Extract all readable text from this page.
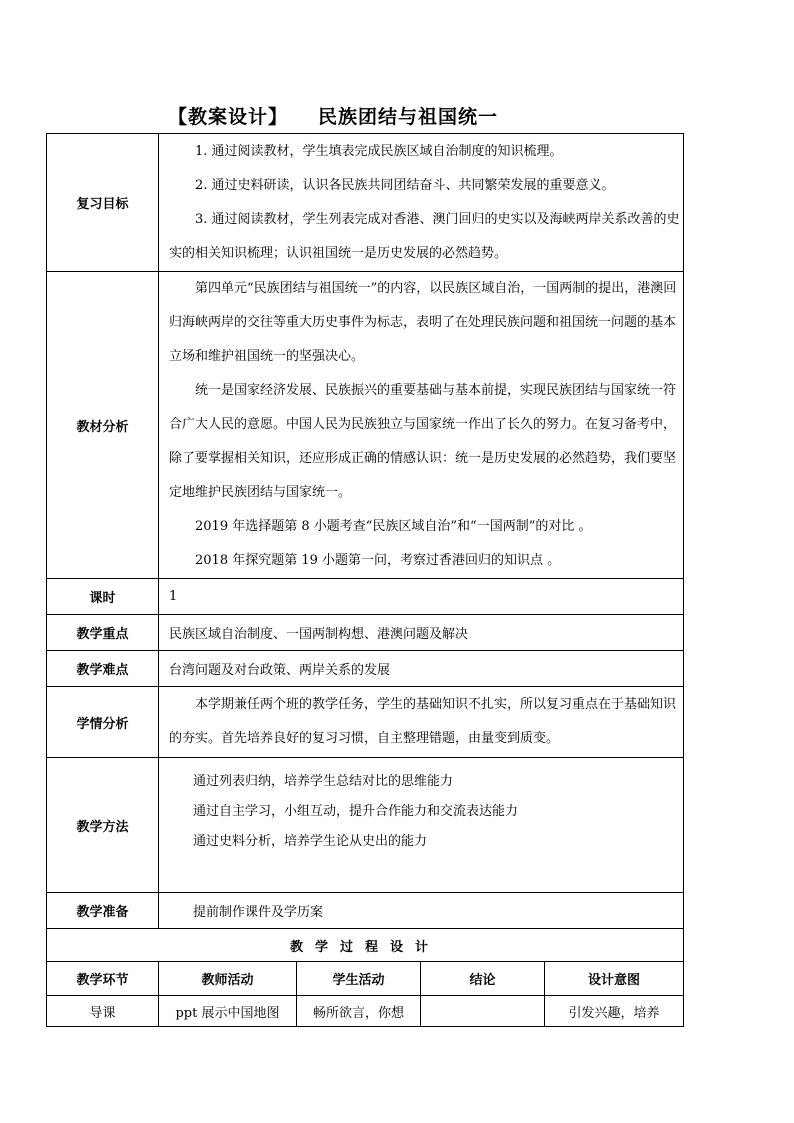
【教案设计】 民族团结与祖国统一
复习目标	1. 通过阅读教材，学生填表完成民族区域自治制度的知识梳理。
2. 通过史料研读，认识各民族共同团结奋斗、共同繁荣发展的重要意义。
3. 通过阅读教材，学生列表完成对香港、澳门回归的史实以及海峡两岸关系改善的史实的相关知识梳理；认识祖国统一是历史发展的必然趋势。			

教材分析	第四单元“民族团结与祖国统一”的内容，以民族区域自治，一国两制的提出，港澳回归海峡两岸的交往等重大历史事件为标志，表明了在处理民族问题和祖国统一问题的基本立场和维护祖国统一的坚强决心。
统一是国家经济发展、民族振兴的重要基础与基本前提，实现民族团结与国家统一符合广大人民的意愿。中国人民为民族独立与国家统一作出了长久的努力。在复习备考中，除了要掌握相关知识，还应形成正确的情感认识：统一是历史发展的必然趋势，我们要坚定地维护民族团结与国家统一。
2019 年选择题第 8 小题考查“民族区域自治”和“一国两制”的对比 。
2018 年探究题第 19 小题第一问，考察过香港回归的知识点 。			

课时	1			
教学重点	民族区域自治制度、一国两制构想、港澳问题及解决			
教学难点	台湾问题及对台政策、两岸关系的发展			
学情分析	本学期兼任两个班的教学任务，学生的基础知识不扎实，所以复习重点在于基础知识的夯实。首先培养良好的复习习惯，自主整理错题，由量变到质变。			

教学方法	通过列表归纳，培养学生总结对比的思维能力
通过自主学习，小组互动，提升合作能力和交流表达能力
通过史料分析，培养学生论从史出的能力			

教学准备	提前制作课件及学历案			
教学过程设计				
教学环节	教师活动	学生活动	结论	设计意图
导课	ppt 展示中国地图	畅所欲言，你想		引发兴趣，培养
